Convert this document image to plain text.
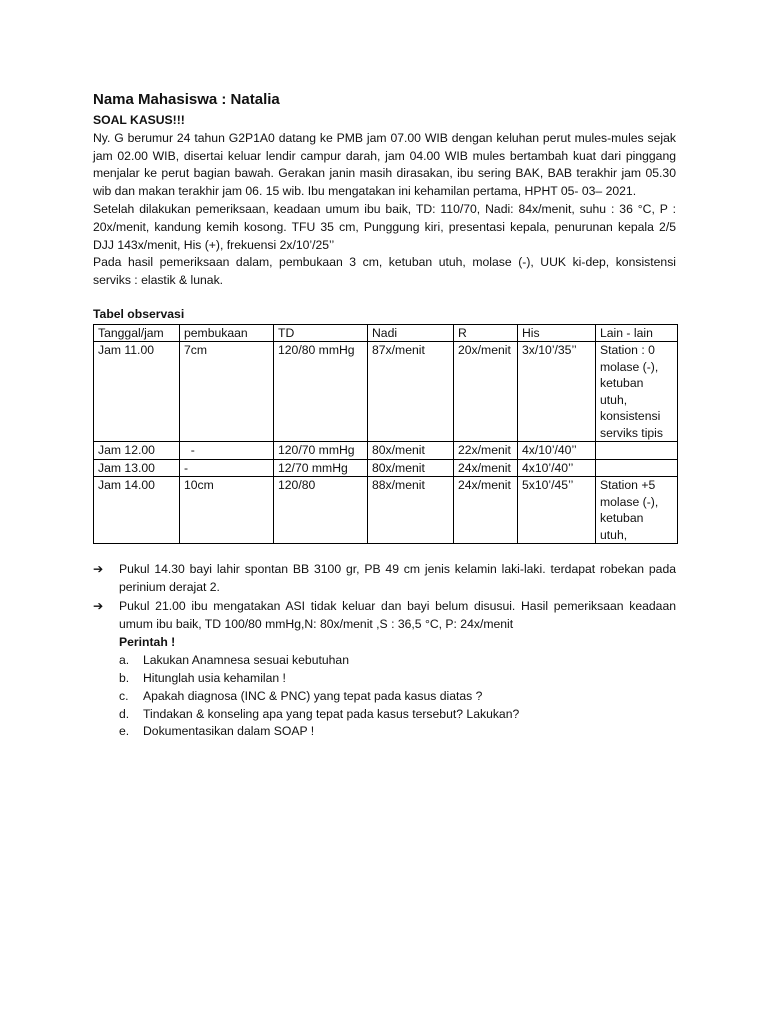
Nama Mahasiswa : Natalia
SOAL KASUS!!!

Ny. G berumur 24 tahun G2P1A0 datang ke PMB jam 07.00 WIB dengan keluhan perut mules-mules sejak jam 02.00 WIB, disertai keluar lendir campur darah, jam 04.00 WIB mules bertambah kuat dari pinggang menjalar ke perut bagian bawah. Gerakan janin masih dirasakan, ibu sering BAK, BAB terakhir jam 05.30 wib dan makan terakhir jam 06. 15 wib. Ibu mengatakan ini kehamilan pertama, HPHT 05- 03– 2021.

Setelah dilakukan pemeriksaan, keadaan umum ibu baik, TD: 110/70, Nadi: 84x/menit, suhu : 36 °C, P : 20x/menit, kandung kemih kosong. TFU 35 cm, Punggung kiri, presentasi kepala, penurunan kepala 2/5 DJJ 143x/menit, His (+), frekuensi 2x/10’/25’’

Pada hasil pemeriksaan dalam, pembukaan 3 cm, ketuban utuh, molase (-), UUK ki-dep, konsistensi serviks : elastik & lunak.

Tabel observasi
Tanggal/jam	pembukaan	TD	Nadi	R	His	Lain - lain
Jam 11.00	7cm	120/80 mmHg	87x/menit	20x/menit	3x/10’/35’’	Station : 0 molase (-), ketuban utuh, konsistensi serviks tipis
Jam 12.00	-	120/70 mmHg	80x/menit	22x/menit	4x/10’/40’’	
Jam 13.00	-	12/70 mmHg	80x/menit	24x/menit	4x10’/40’’	
Jam 14.00	10cm	120/80	88x/menit	24x/menit	5x10’/45’’	Station +5 molase (-), ketuban utuh,
➔ Pukul 14.30 bayi lahir spontan BB 3100 gr, PB 49 cm jenis kelamin laki-laki. terdapat robekan pada perinium derajat 2.
➔ Pukul 21.00 ibu mengatakan ASI tidak keluar dan bayi belum disusui. Hasil pemeriksaan keadaan umum ibu baik, TD 100/80 mmHg,N: 80x/menit ,S : 36,5 °C, P: 24x/menit
Perintah !
a. Lakukan Anamnesa sesuai kebutuhan
b. Hitunglah usia kehamilan !
c. Apakah diagnosa (INC & PNC) yang tepat pada kasus diatas ?
d. Tindakan & konseling apa yang tepat pada kasus tersebut? Lakukan?
e. Dokumentasikan dalam SOAP !
